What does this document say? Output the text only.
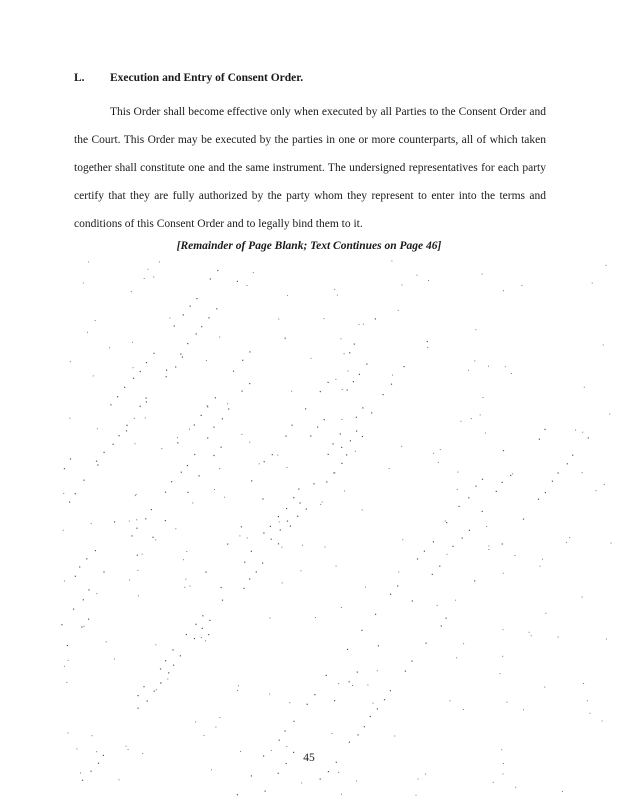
L. Execution and Entry of Consent Order.

This Order shall become effective only when executed by all Parties to the Consent Order and the Court. This Order may be executed by the parties in one or more counterparts, all of which taken together shall constitute one and the same instrument. The undersigned representatives for each party certify that they are fully authorized by the party whom they represent to enter into the terms and conditions of this Consent Order and to legally bind them to it.

[Remainder of Page Blank; Text Continues on Page 46]
45
